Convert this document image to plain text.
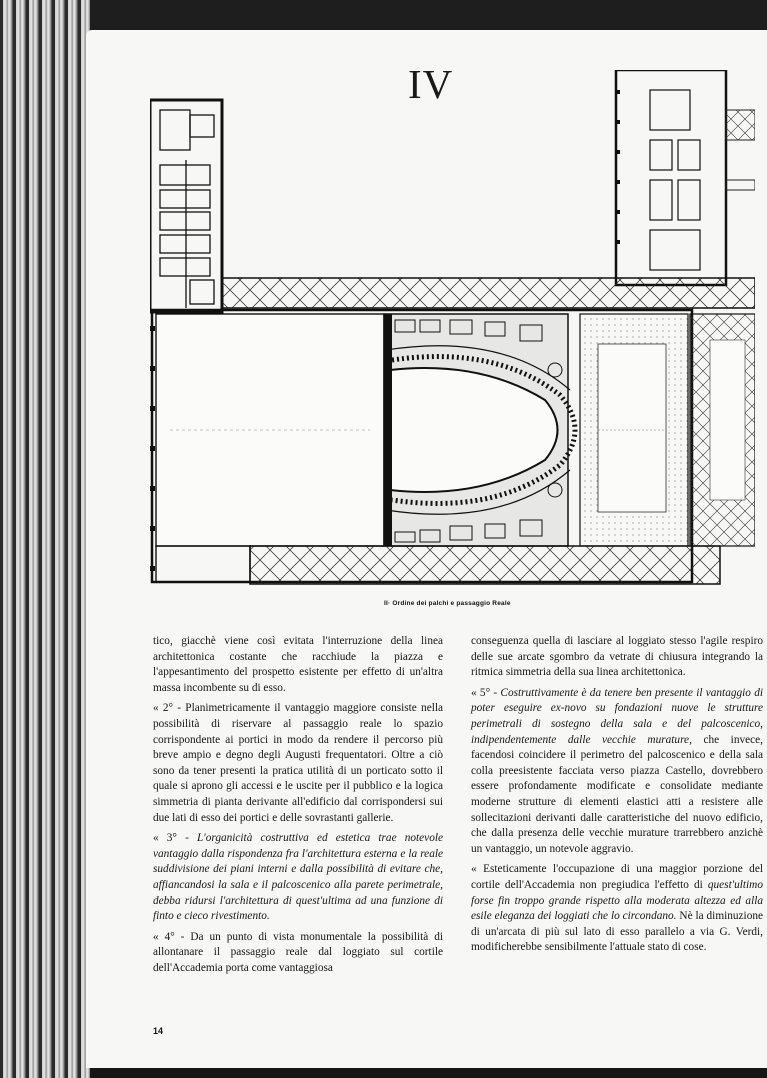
IV
II· Ordine dei palchi e passaggio Reale

tico, giacchè viene così evitata l'interruzione della linea architettonica costante che racchiude la piazza e l'appesantimento del prospetto esistente per effetto di un'altra massa incombente su di esso.

« 2° - Planimetricamente il vantaggio maggiore consiste nella possibilità di riservare al passaggio reale lo spazio corrispondente ai portici in modo da rendere il percorso più breve ampio e degno degli Augusti frequentatori. Oltre a ciò sono da tener presenti la pratica utilità di un porticato sotto il quale si aprono gli accessi e le uscite per il pubblico e la logica simmetria di pianta derivante all'edificio dal corrispondersi sui due lati di esso dei portici e delle sovrastanti gallerie.

« 3° - L'organicità costruttiva ed estetica trae notevole vantaggio dalla rispondenza fra l'architettura esterna e la reale suddivisione dei piani interni e dalla possibilità di evitare che, affiancandosi la sala e il palcoscenico alla parete perimetrale, debba ridursi l'architettura di quest'ultima ad una funzione di finto e cieco rivestimento.

« 4° - Da un punto di vista monumentale la possibilità di allontanare il passaggio reale dal loggiato sul cortile dell'Accademia porta come vantaggiosa

conseguenza quella di lasciare al loggiato stesso l'agile respiro delle sue arcate sgombro da vetrate di chiusura integrando la ritmica simmetria della sua linea architettonica.

« 5° - Costruttivamente è da tenere ben presente il vantaggio di poter eseguire ex-novo su fondazioni nuove le strutture perimetrali di sostegno della sala e del palcoscenico, indipendentemente dalle vecchie murature, che invece, facendosi coincidere il perimetro del palcoscenico e della sala colla preesistente facciata verso piazza Castello, dovrebbero essere profondamente modificate e consolidate mediante moderne strutture di elementi elastici atti a resistere alle sollecitazioni derivanti dalle caratteristiche del nuovo edificio, che dalla presenza delle vecchie murature trarrebbero anzichè un vantaggio, un notevole aggravio.

« Esteticamente l'occupazione di una maggior porzione del cortile dell'Accademia non pregiudica l'effetto di quest'ultimo forse fin troppo grande rispetto alla moderata altezza ed alla esile eleganza dei loggiati che lo circondano. Nè la diminuzione di un'arcata di più sul lato di esso parallelo a via G. Verdi, modificherebbe sensibilmente l'attuale stato di cose.

14
